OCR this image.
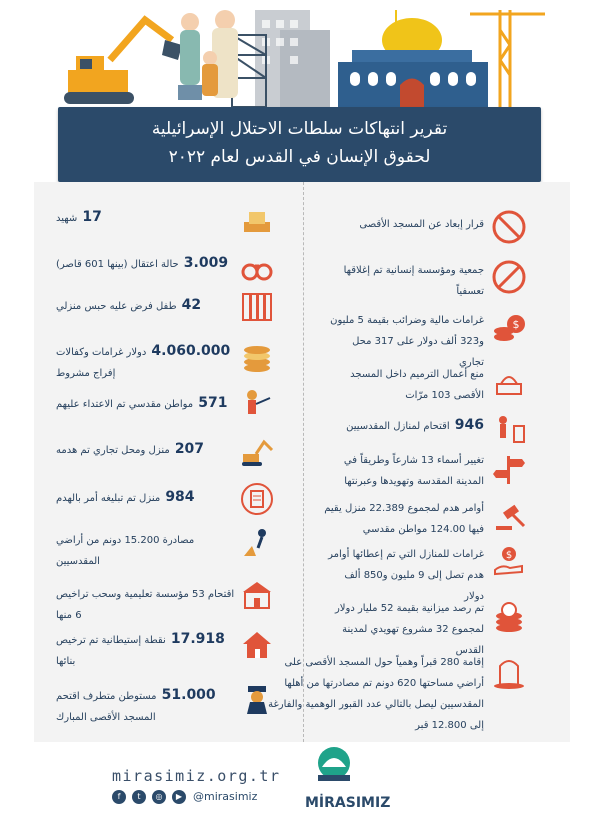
تقرير انتهاكات سلطات الاحتلال الإسرائيلية
لحقوق الإنسان في القدس لعام ٢٠٢٢
قرار إبعاد عن المسجد الأقصى
جمعية ومؤسسة إنسانية تم إغلاقها تعسفياً
$
غرامات مالية وضرائب بقيمة 5 مليون و323 ألف دولار على 317 محل تجاري
منع أعمال الترميم داخل المسجد الأقصى 103 مرّات
946 اقتحام لمنازل المقدسيين
تغيير أسماء 13 شارعاً وطريقاً في المدينة المقدسة وتهويدها وعبرنتها
أوامر هدم لمجموع 22.389 منزل يقيم فيها 124.00 مواطن مقدسي
$
غرامات للمنازل التي تم إعطائها أوامر هدم تصل إلى 9 مليون و850 ألف دولار
تم رصد ميزانية بقيمة 52 مليار دولار لمجموع 32 مشروع تهويدي لمدينة القدس
إقامة 280 قبراً وهمياً حول المسجد الأقصى على أراضي مساحتها 620 دونم تم مصادرتها من أهلها المقدسيين ليصل بالتالي عدد القبور الوهمية والفارغة إلى 12.800 قبر
17 شهيد
3.009 حالة اعتقال (بينها 601 قاصر)
42 طفل فرض عليه حبس منزلي
4.060.000 دولار غرامات وكفالات إفراج مشروط
571 مواطن مقدسي تم الاعتداء عليهم
207 منزل ومحل تجاري تم هدمه
984 منزل تم تبليغه أمر بالهدم
مصادرة 15.200 دونم من أراضي المقدسيين
اقتحام 53 مؤسسة تعليمية وسحب تراخيص 6 منها
17.918 نقطة إستيطانية تم ترخيص بنائها
51.000 مستوطن متطرف اقتحم المسجد الأقصى المبارك
mirasimiz.org.tr
f	t	◎	▶ @mirasimiz	MİRASIMIZ
